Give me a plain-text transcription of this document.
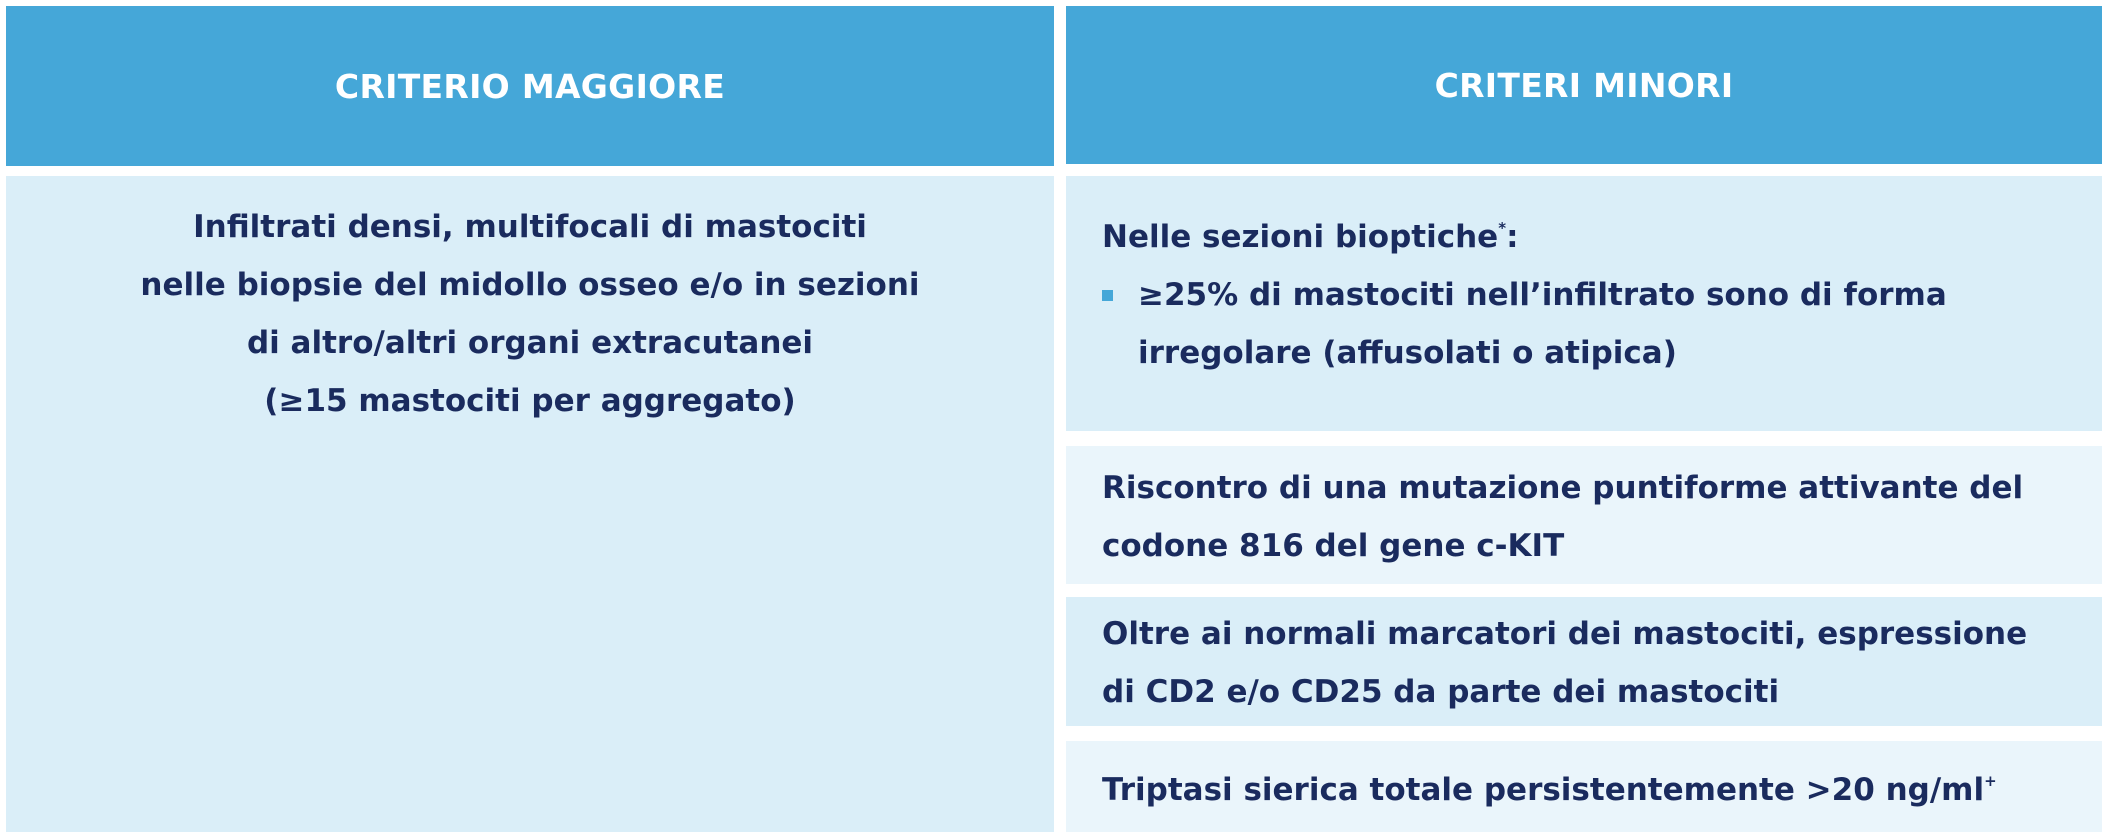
CRITERIO MAGGIORE	CRITERI MINORI

Infiltrati densi, multifocali di mastociti

nelle biopsie del midollo osseo e/o in sezioni

di altro/altri organi extracutanei

(≥15 mastociti per aggregato)

Nelle sezioni bioptiche*:

≥25% di mastociti nell’infiltrato sono di forma

irregolare (affusolati o atipica)

Riscontro di una mutazione puntiforme attivante del

codone 816 del gene c-KIT

Oltre ai normali marcatori dei mastociti, espressione

di CD2 e/o CD25 da parte dei mastociti

Triptasi sierica totale persistentemente >20 ng/ml+
